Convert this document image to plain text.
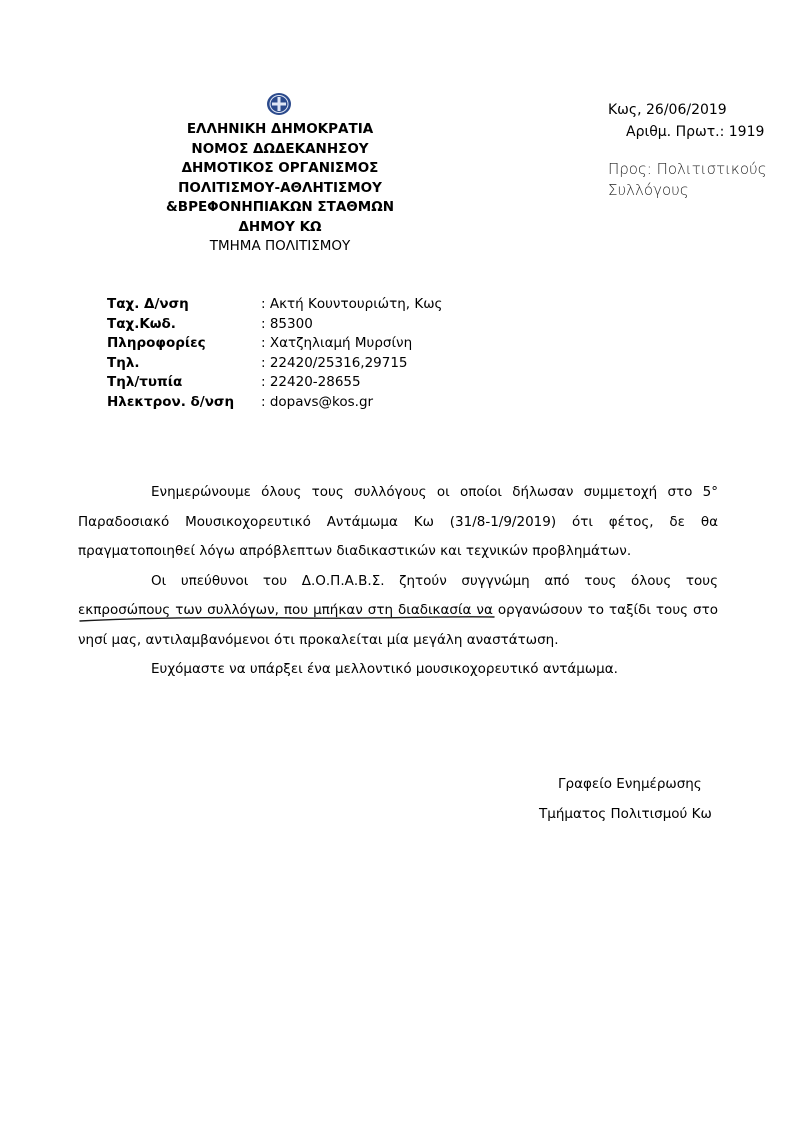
ΕΛΛΗΝΙΚΗ ΔΗΜΟΚΡΑΤΙΑ
ΝΟΜΟΣ ΔΩΔΕΚΑΝΗΣΟΥ
ΔΗΜΟΤΙΚΟΣ ΟΡΓΑΝΙΣΜΟΣ
ΠΟΛΙΤΙΣΜΟΥ-ΑΘΛΗΤΙΣΜΟΥ
&ΒΡΕΦΟΝΗΠΙΑΚΩΝ ΣΤΑΘΜΩΝ
ΔΗΜΟΥ ΚΩ
ΤΜΗΜΑ ΠΟΛΙΤΙΣΜΟΥ
Κως, 26/06/2019
Αριθμ. Πρωτ.: 1919
Προς: Πολιτιστικούς
Συλλόγους
Ταχ. Δ/νση	: Ακτή Κουντουριώτη, Κως
Ταχ.Κωδ.	: 85300
Πληροφορίες	: Χατζηλιαμή Μυρσίνη
Τηλ.	: 22420/25316,29715
Τηλ/τυπία	: 22420-28655
Ηλεκτρον. δ/νση	: dopavs@kos.gr

Ενημερώνουμε όλους τους συλλόγους οι οποίοι δήλωσαν συμμετοχή στο 5° Παραδοσιακό Μουσικοχορευτικό Αντάμωμα Κω (31/8-1/9/2019) ότι φέτος, δε θα πραγματοποιηθεί λόγω απρόβλεπτων διαδικαστικών και τεχνικών προβλημάτων.

Οι υπεύθυνοι του Δ.Ο.Π.Α.Β.Σ. ζητούν συγγνώμη από τους όλους τους εκπροσώπους των συλλόγων, που μπήκαν στη διαδικασία να οργανώσουν το ταξίδι τους στο νησί μας, αντιλαμβανόμενοι ότι προκαλείται μία μεγάλη αναστάτωση.

Ευχόμαστε να υπάρξει ένα μελλοντικό μουσικοχορευτικό αντάμωμα.

Γραφείο Ενημέρωσης
Τμήματος Πολιτισμού Κω
